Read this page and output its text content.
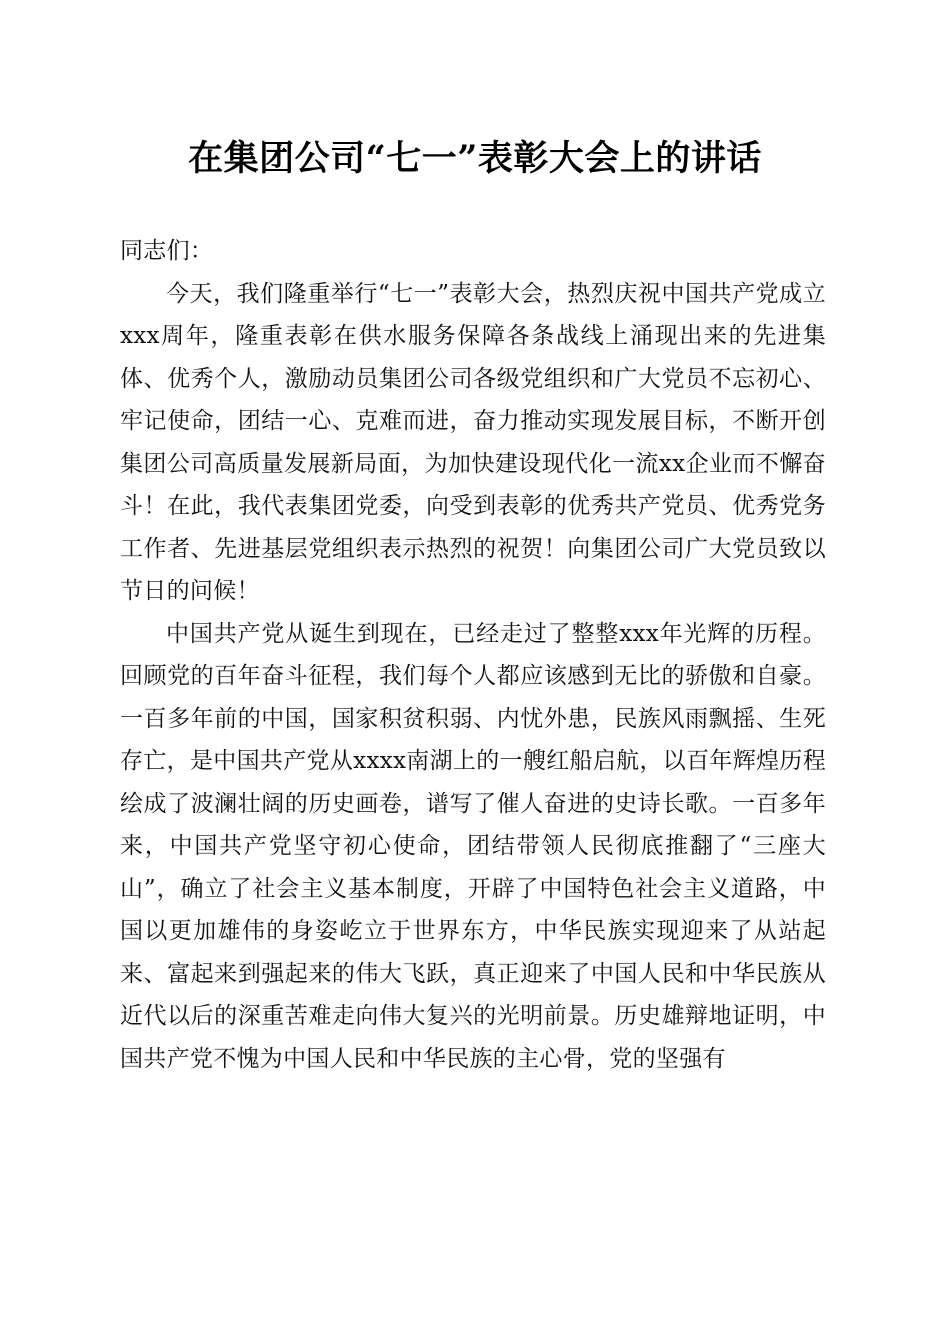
在集团公司“七一”表彰大会上的讲话

同志们：

今天，我们隆重举行“七一”表彰大会，热烈庆祝中国共产党成立xxx周年，隆重表彰在供水服务保障各条战线上涌现出来的先进集体、优秀个人，激励动员集团公司各级党组织和广大党员不忘初心、牢记使命，团结一心、克难而进，奋力推动实现发展目标，不断开创集团公司高质量发展新局面，为加快建设现代化一流xx企业而不懈奋斗！在此，我代表集团党委，向受到表彰的优秀共产党员、优秀党务工作者、先进基层党组织表示热烈的祝贺！向集团公司广大党员致以节日的问候！

中国共产党从诞生到现在，已经走过了整整xxx年光辉的历程。回顾党的百年奋斗征程，我们每个人都应该感到无比的骄傲和自豪。一百多年前的中国，国家积贫积弱、内忧外患，民族风雨飘摇、生死存亡，是中国共产党从xxxx南湖上的一艘红船启航，以百年辉煌历程绘成了波澜壮阔的历史画卷，谱写了催人奋进的史诗长歌。一百多年来，中国共产党坚守初心使命，团结带领人民彻底推翻了“三座大山”，确立了社会主义基本制度，开辟了中国特色社会主义道路，中国以更加雄伟的身姿屹立于世界东方，中华民族实现迎来了从站起来、富起来到强起来的伟大飞跃，真正迎来了中国人民和中华民族从近代以后的深重苦难走向伟大复兴的光明前景。历史雄辩地证明，中国共产党不愧为中国人民和中华民族的主心骨，党的坚强有
